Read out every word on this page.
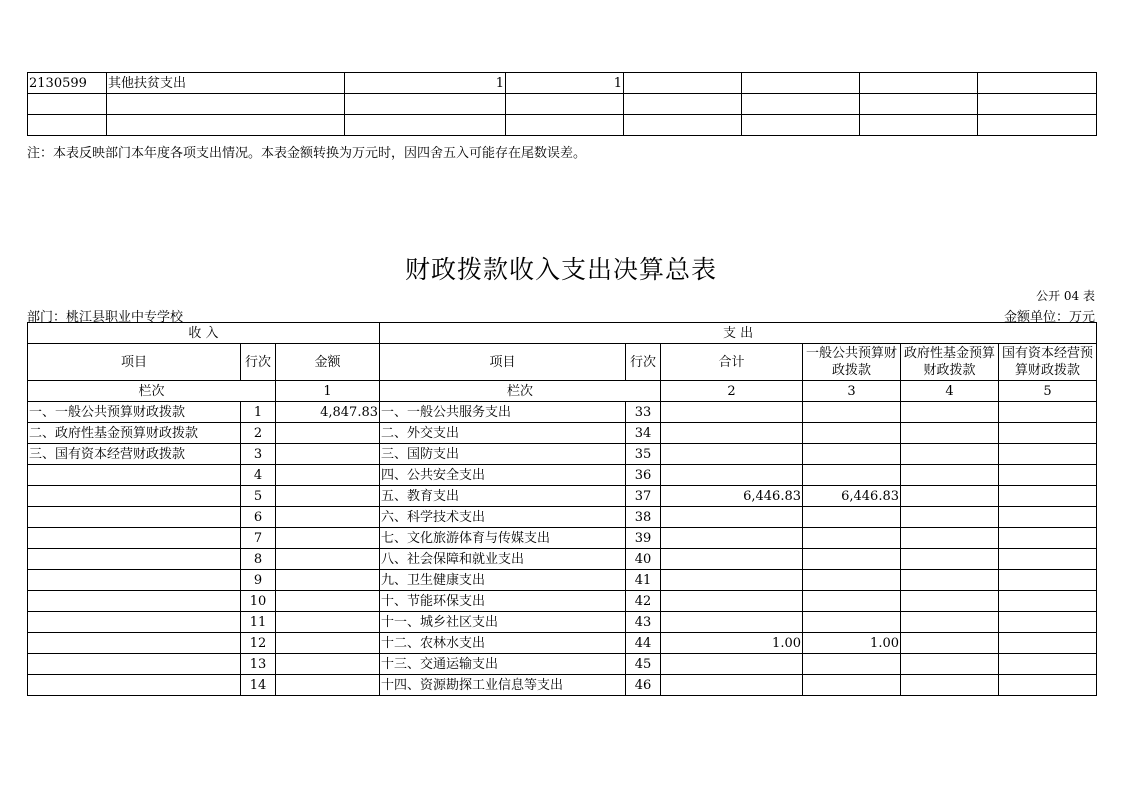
2130599	其他扶贫支出	1	1				

注：本表反映部门本年度各项支出情况。本表金额转换为万元时，因四舍五入可能存在尾数误差。
财政拨款收入支出决算总表
公开 04 表
部门：桃江县职业中专学校	金额单位：万元
收 入			支 出					
项目	行次	金额	项目	行次	合计	一般公共预算财政拨款	政府性基金预算财政拨款	国有资本经营预算财政拨款
栏次		1	栏次		2	3	4	5
一、一般公共预算财政拨款	1	4,847.83	一、一般公共服务支出	33				
二、政府性基金预算财政拨款	2		二、外交支出	34				
三、国有资本经营财政拨款	3		三、国防支出	35				
	4		四、公共安全支出	36				
	5		五、教育支出	37	6,446.83	6,446.83		
	6		六、科学技术支出	38				
	7		七、文化旅游体育与传媒支出	39				
	8		八、社会保障和就业支出	40				
	9		九、卫生健康支出	41				
	10		十、节能环保支出	42				
	11		十一、城乡社区支出	43				
	12		十二、农林水支出	44	1.00	1.00		
	13		十三、交通运输支出	45				
	14		十四、资源勘探工业信息等支出	46				
